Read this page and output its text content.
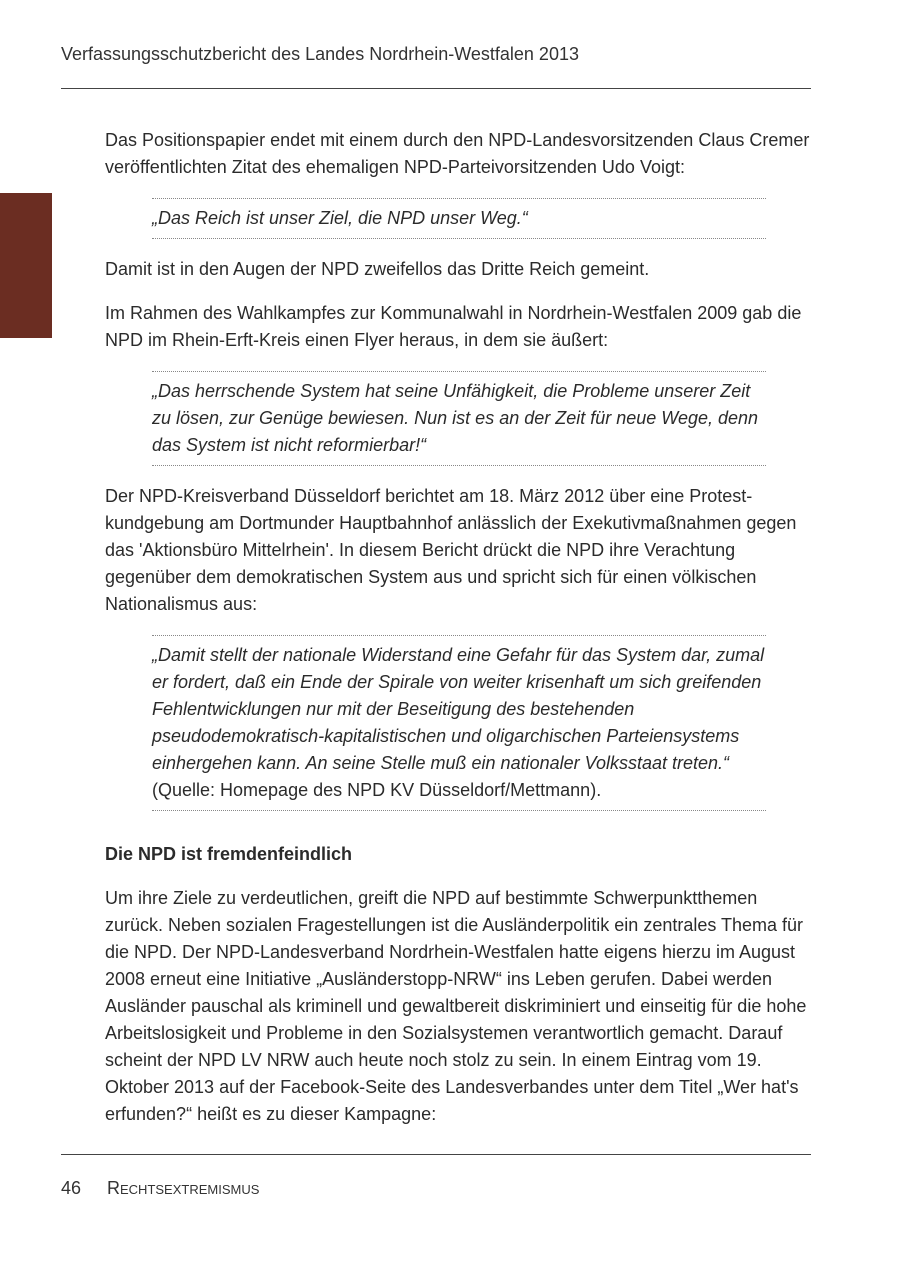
Verfassungsschutzbericht des Landes Nordrhein-Westfalen 2013

Das Positionspapier endet mit einem durch den NPD-Landesvorsitzenden Claus Cremer veröffentlichten Zitat des ehemaligen NPD-Parteivorsitzenden Udo Voigt:

„Das Reich ist unser Ziel, die NPD unser Weg.“

Damit ist in den Augen der NPD zweifellos das Dritte Reich gemeint.

Im Rahmen des Wahlkampfes zur Kommunalwahl in Nordrhein-Westfalen 2009 gab die NPD im Rhein-Erft-Kreis einen Flyer heraus, in dem sie äußert:

„Das herrschende System hat seine Unfähigkeit, die Probleme unserer Zeit zu lösen, zur Genüge bewiesen. Nun ist es an der Zeit für neue Wege, denn das System ist nicht reformierbar!“

Der NPD-Kreisverband Düsseldorf berichtet am 18. März 2012 über eine Protest-kundgebung am Dortmunder Hauptbahnhof anlässlich der Exekutivmaßnahmen gegen das 'Aktionsbüro Mittelrhein'. In diesem Bericht drückt die NPD ihre Verachtung gegenüber dem demokratischen System aus und spricht sich für einen völkischen Nationalismus aus:

„Damit stellt der nationale Widerstand eine Gefahr für das System dar, zumal er fordert, daß ein Ende der Spirale von weiter krisenhaft um sich greifenden Fehlentwicklungen nur mit der Beseitigung des bestehenden pseudodemokratisch-kapitalistischen und oligarchischen Parteiensystems einhergehen kann. An seine Stelle muß ein nationaler Volksstaat treten.“
(Quelle: Homepage des NPD KV Düsseldorf/Mettmann).
Die NPD ist fremdenfeindlich

Um ihre Ziele zu verdeutlichen, greift die NPD auf bestimmte Schwerpunktthemen zurück. Neben sozialen Fragestellungen ist die Ausländerpolitik ein zentrales Thema für die NPD. Der NPD-Landesverband Nordrhein-Westfalen hatte eigens hierzu im August 2008 erneut eine Initiative „Ausländerstopp-NRW“ ins Leben gerufen. Dabei werden Ausländer pauschal als kriminell und gewaltbereit diskriminiert und einseitig für die hohe Arbeitslosigkeit und Probleme in den Sozialsystemen verantwortlich gemacht. Darauf scheint der NPD LV NRW auch heute noch stolz zu sein. In einem Eintrag vom 19. Oktober 2013 auf der Facebook-Seite des Landesverbandes unter dem Titel „Wer hat's erfunden?“ heißt es zu dieser Kampagne:

46 Rechtsextremismus
